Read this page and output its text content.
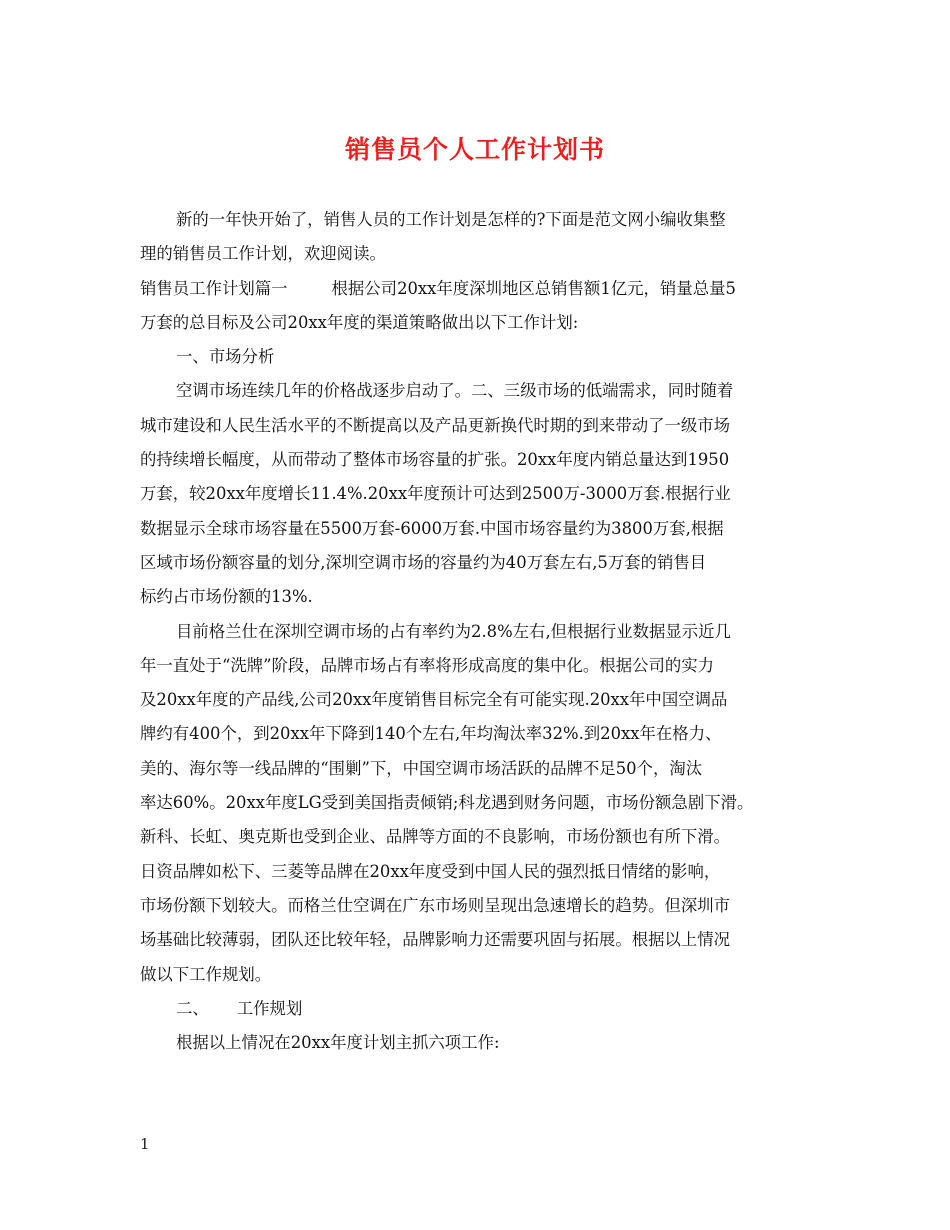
销售员个人工作计划书

新的一年快开始了，销售人员的工作计划是怎样的?下面是范文网小编收集整

理的销售员工作计划，欢迎阅读。

销售员工作计划篇一	根据公司20xx年度深圳地区总销售额1亿元，销量总量5

万套的总目标及公司20xx年度的渠道策略做出以下工作计划:

一、市场分析

空调市场连续几年的价格战逐步启动了。二、三级市场的低端需求，同时随着

城市建设和人民生活水平的不断提高以及产品更新换代时期的到来带动了一级市场

的持续增长幅度，从而带动了整体市场容量的扩张。20xx年度内销总量达到1950

万套，较20xx年度增长11.4%.20xx年度预计可达到2500万-3000万套.根据行业

数据显示全球市场容量在5500万套-6000万套.中国市场容量约为3800万套,根据

区域市场份额容量的划分,深圳空调市场的容量约为40万套左右,5万套的销售目

标约占市场份额的13%.

目前格兰仕在深圳空调市场的占有率约为2.8%左右,但根据行业数据显示近几

年一直处于“洗牌”阶段，品牌市场占有率将形成高度的集中化。根据公司的实力

及20xx年度的产品线,公司20xx年度销售目标完全有可能实现.20xx年中国空调品

牌约有400个，到20xx年下降到140个左右,年均淘汰率32%.到20xx年在格力、

美的、海尔等一线品牌的“围剿”下，中国空调市场活跃的品牌不足50个，淘汰

率达60%。20xx年度LG受到美国指责倾销;科龙遇到财务问题，市场份额急剧下滑。

新科、长虹、奥克斯也受到企业、品牌等方面的不良影响，市场份额也有所下滑。

日资品牌如松下、三菱等品牌在20xx年度受到中国人民的强烈抵日情绪的影响，

市场份额下划较大。而格兰仕空调在广东市场则呈现出急速增长的趋势。但深圳市

场基础比较薄弱，团队还比较年轻，品牌影响力还需要巩固与拓展。根据以上情况

做以下工作规划。

二、 工作规划

根据以上情况在20xx年度计划主抓六项工作:

1
